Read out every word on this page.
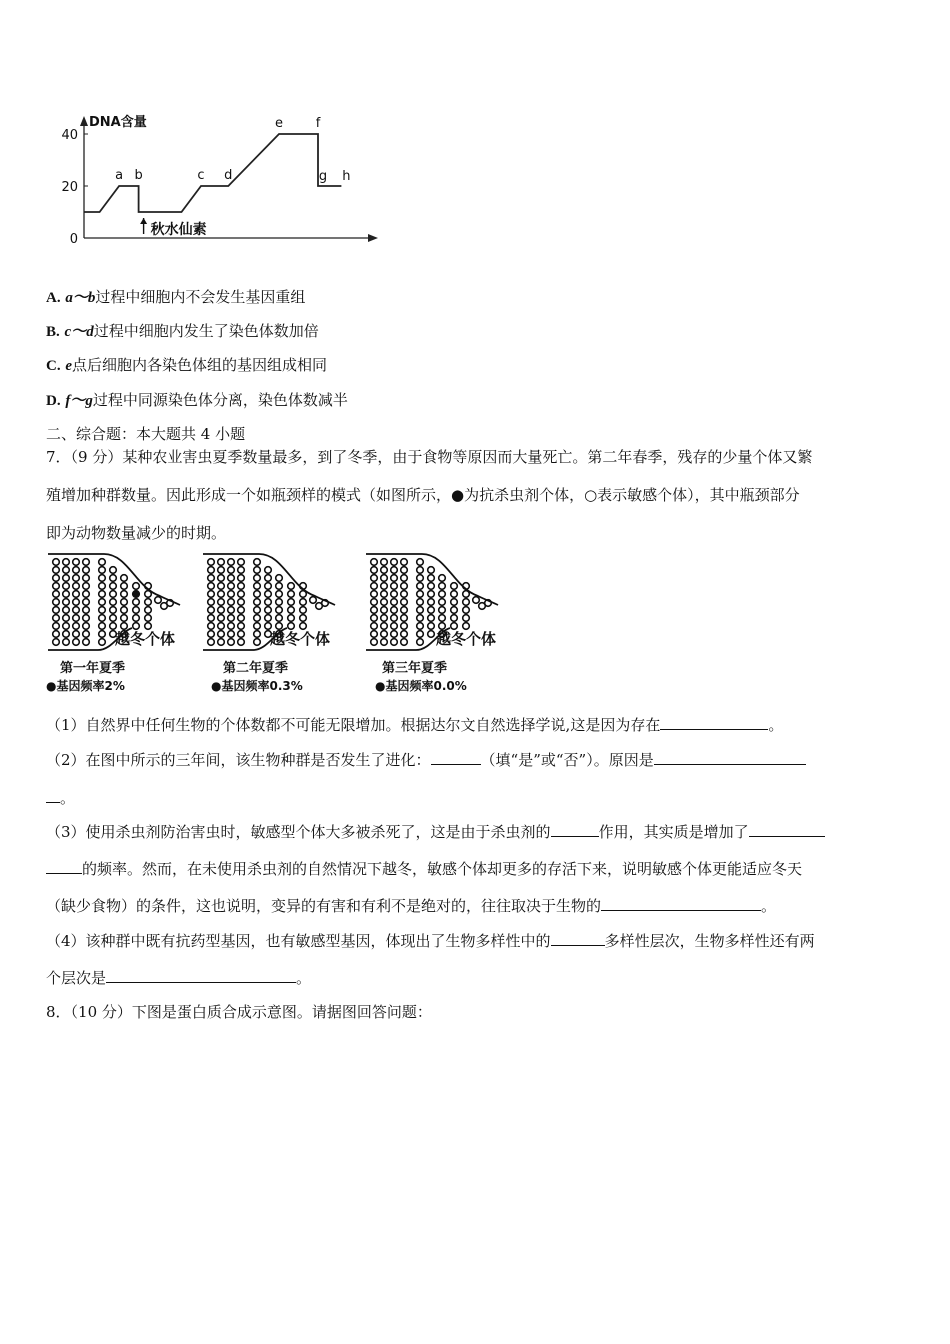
DNA含量
0
20
40
a b	c d
e	f
g h
秋水仙素
A. a～b过程中细胞内不会发生基因重组
B. c～d过程中细胞内发生了染色体数加倍
C. e点后细胞内各染色体组的基因组成相同
D. f～g过程中同源染色体分离，染色体数减半
二、综合题：本大题共 4 小题
7．（9 分）某种农业害虫夏季数量最多，到了冬季，由于食物等原因而大量死亡。第二年春季，残存的少量个体又繁
殖增加种群数量。因此形成一个如瓶颈样的模式（如图所示，●为抗杀虫剂个体，○表示敏感个体），其中瓶颈部分
即为动物数量减少的时期。
越冬个体
第一年夏季
●基因频率2%
越冬个体
第二年夏季
●基因频率0.3%
越冬个体
第三年夏季
●基因频率0.0%
（1）自然界中任何生物的个体数都不可能无限增加。根据达尔文自然选择学说,这是因为存在	。
（2）在图中所示的三年间，该生物种群是否发生了进化：	（填“是”或“否”）。原因是
。
（3）使用杀虫剂防治害虫时，敏感型个体大多被杀死了，这是由于杀虫剂的	作用，其实质是增加了
的频率。然而，在未使用杀虫剂的自然情况下越冬，敏感个体却更多的存活下来，说明敏感个体更能适应冬天
（缺少食物）的条件，这也说明，变异的有害和有利不是绝对的，往往取决于生物的	。
（4）该种群中既有抗药型基因，也有敏感型基因，体现出了生物多样性中的	多样性层次，生物多样性还有两
个层次是	。
8．（10 分）下图是蛋白质合成示意图。请据图回答问题：
